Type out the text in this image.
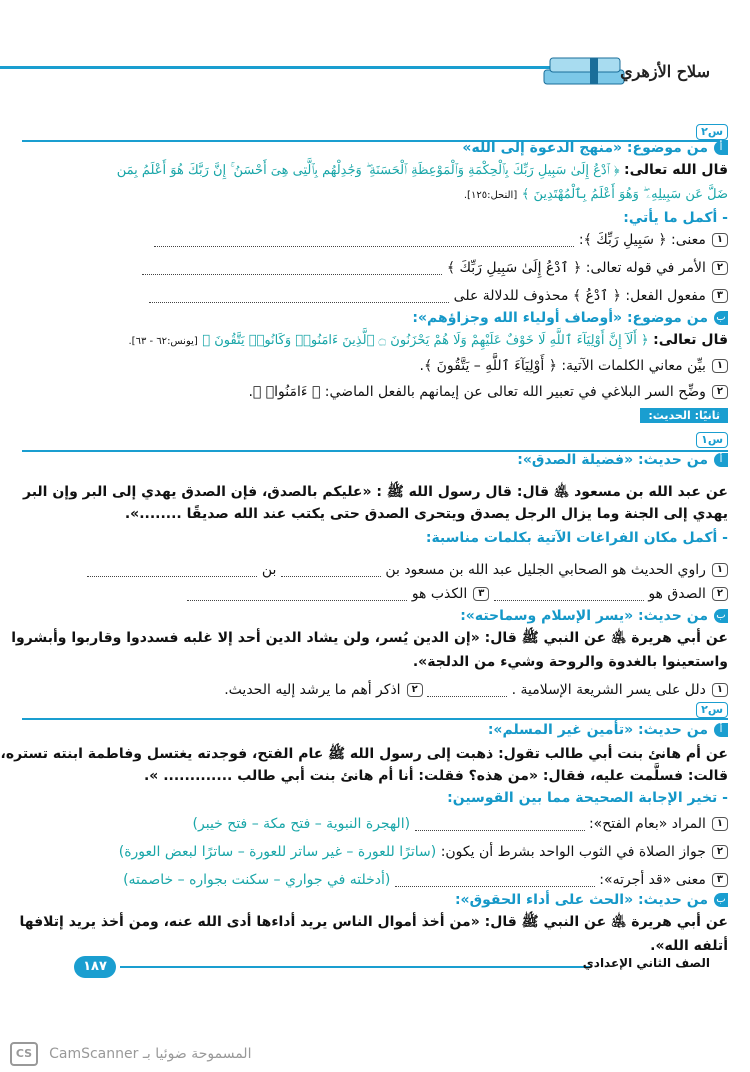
سلاح الأزهري
س٢
أمن موضوع: «منهج الدعوة إلى الله»
قال الله تعالى: ﴿ ٱدْعُ إِلَىٰ سَبِيلِ رَبِّكَ بِٱلْحِكْمَةِ وَٱلْمَوْعِظَةِ ٱلْحَسَنَةِ ۖ وَجَٰدِلْهُم بِٱلَّتِى هِىَ أَحْسَنُ ۚ إِنَّ رَبَّكَ هُوَ أَعْلَمُ بِمَن
ضَلَّ عَن سَبِيلِهِۦ ۖ وَهُوَ أَعْلَمُ بِٱلْمُهْتَدِينَ ﴾ [النحل:١٢٥].
- أكمل ما يأتي:
١معنى: ﴿ سَبِيلِ رَبِّكَ ﴾:
٢الأمر في قوله تعالى: ﴿ ٱدْعُ إِلَىٰ سَبِيلِ رَبِّكَ ﴾
٣مفعول الفعل: ﴿ ٱدْعُ ﴾ محذوف للدلالة على
بمن موضوع: «أوصاف أولياء الله وجزاؤهم»:
قال تعالى: ﴿ أَلَآ إِنَّ أَوْلِيَآءَ ٱللَّهِ لَا خَوْفٌ عَلَيْهِمْ وَلَا هُمْ يَحْزَنُونَ ۝ ٱلَّذِينَ ءَامَنُوا۟ وَكَانُوا۟ يَتَّقُونَ ﴾ [يونس:٦٢ - ٦٣].
١بيِّن معاني الكلمات الآتية: ﴿ أَوْلِيَآءَ ٱللَّهِ – يَتَّقُونَ ﴾.
٢وضِّح السر البلاغي في تعبير الله تعالى عن إيمانهم بالفعل الماضي: ﴿ ءَامَنُوا۟ ﴾.
ثانيًا: الحديث:
س١
أمن حديث: «فضيلة الصدق»:
عن عبد الله بن مسعود ﵁ قال: قال رسول الله ﷺ : «عليكم بالصدق، فإن الصدق يهدي إلى البر وإن البر
يهدي إلى الجنة وما يزال الرجل يصدق ويتحرى الصدق حتى يكتب عند الله صديقًا ........».
- أكمل مكان الفراغات الآتية بكلمات مناسبة:
١راوي الحديث هو الصحابي الجليل عبد الله بن مسعود بن  بن
٢الصدق هو  ٣الكذب هو
بمن حديث: «يسر الإسلام وسماحته»:
عن أبي هريرة ﵁ عن النبي ﷺ قال: «إن الدين يُسر، ولن يشاد الدين أحد إلا غلبه فسددوا وقاربوا وأبشروا
واستعينوا بالغدوة والروحة وشيء من الدلجة».
١دلل على يسر الشريعة الإسلامية .  ٢اذكر أهم ما يرشد إليه الحديث.
س٢
أمن حديث: «تأمين غير المسلم»:
عن أم هانئ بنت أبي طالب تقول: ذهبت إلى رسول الله ﷺ عام الفتح، فوجدته يغتسل وفاطمة ابنته تستره،
قالت: فسلَّمت عليه، فقال: «من هذه؟ فقلت: أنا أم هانئ بنت أبي طالب ............. ».
- تخير الإجابة الصحيحة مما بين القوسين:
١المراد «بعام الفتح»:  (الهجرة النبوية – فتح مكة – فتح خيبر)
٢جواز الصلاة في الثوب الواحد بشرط أن يكون: (ساترًا للعورة – غير ساتر للعورة – ساترًا لبعض العورة)
٣معنى «قد أجرته»:  (أدخلته في جواري – سكنت بجواره – خاصمته)
بمن حديث: «الحث على أداء الحقوق»:
عن أبي هريرة ﵁ عن النبي ﷺ قال: «من أخذ أموال الناس يريد أداءها أدى الله عنه، ومن أخذ يريد إتلافها
أتلفه الله».
١٨٧	الصف الثاني الإعدادي
CS المسموحة ضوئيا بـ CamScanner
